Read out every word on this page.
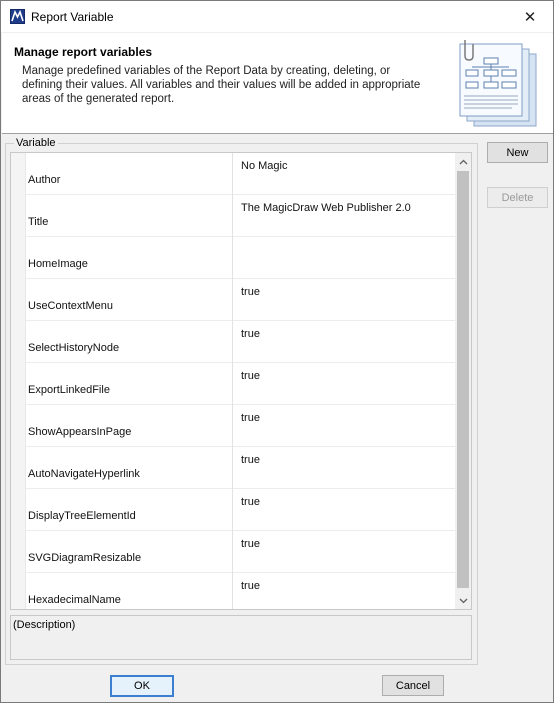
Report Variable	✕
Manage report variables
Manage predefined variables of the Report Data by creating, deleting, or defining their values. All variables and their values will be added in appropriate areas of the generated report.
Variable
Author
No Magic
Title
The MagicDraw Web Publisher 2.0
HomeImage
UseContextMenu
true
SelectHistoryNode
true
ExportLinkedFile
true
ShowAppearsInPage
true
AutoNavigateHyperlink
true
DisplayTreeElementId
true
SVGDiagramResizable
true
HexadecimalName
true
(Description)
New
Delete
OK	Cancel
